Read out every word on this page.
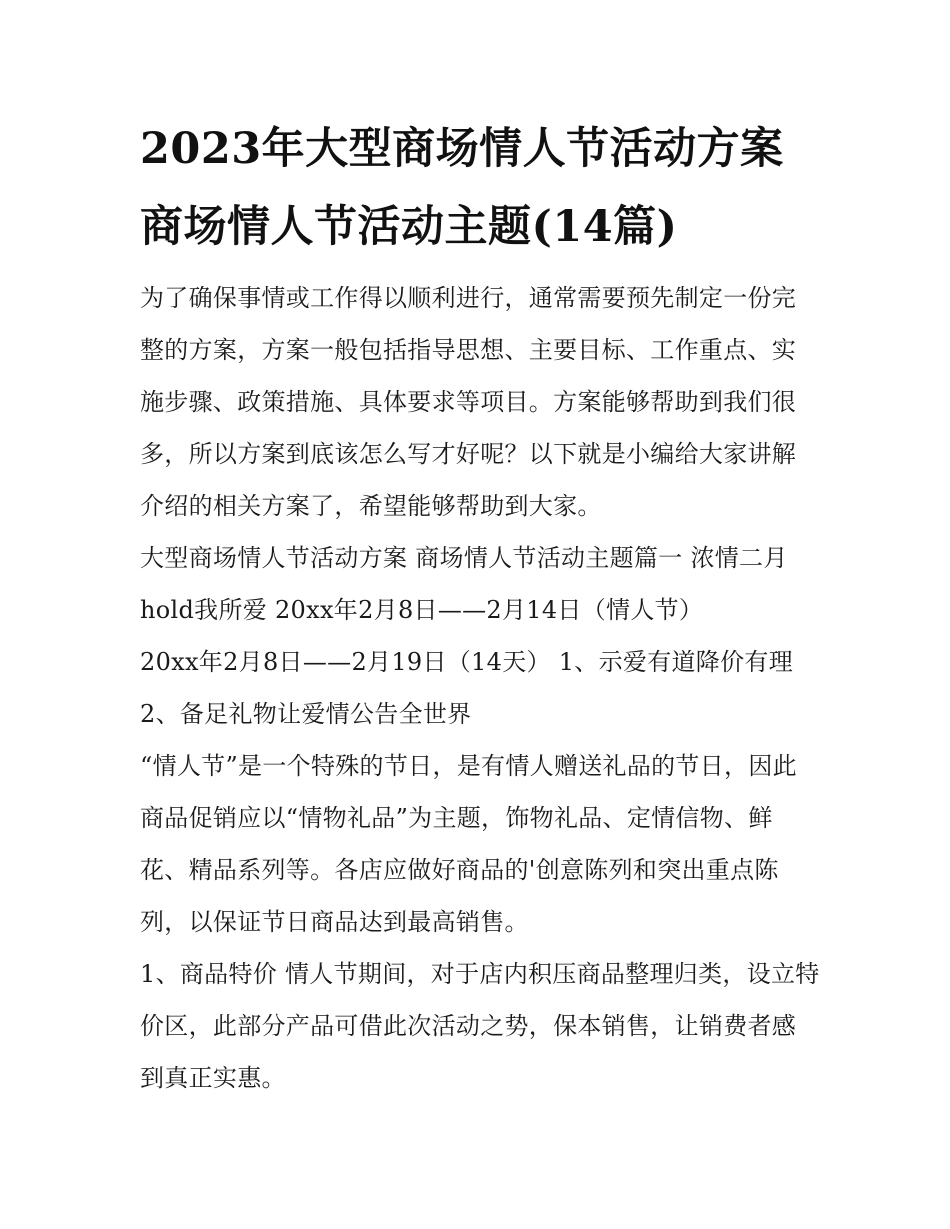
2023年大型商场情人节活动方案 商场情人节活动主题(14篇)

为了确保事情或工作得以顺利进行，通常需要预先制定一份完整的方案，方案一般包括指导思想、主要目标、工作重点、实施步骤、政策措施、具体要求等项目。方案能够帮助到我们很多，所以方案到底该怎么写才好呢？以下就是小编给大家讲解介绍的相关方案了，希望能够帮助到大家。

大型商场情人节活动方案 商场情人节活动主题篇一 浓情二月hold我所爱 20xx年2月8日——2月14日（情人节）

20xx年2月8日——2月19日（14天） 1、示爱有道降价有理

2、备足礼物让爱情公告全世界

“情人节”是一个特殊的节日，是有情人赠送礼品的节日，因此商品促销应以“情物礼品”为主题，饰物礼品、定情信物、鲜花、精品系列等。各店应做好商品的'创意陈列和突出重点陈列，以保证节日商品达到最高销售。

1、商品特价 情人节期间，对于店内积压商品整理归类，设立特价区，此部分产品可借此次活动之势，保本销售，让销费者感到真正实惠。
